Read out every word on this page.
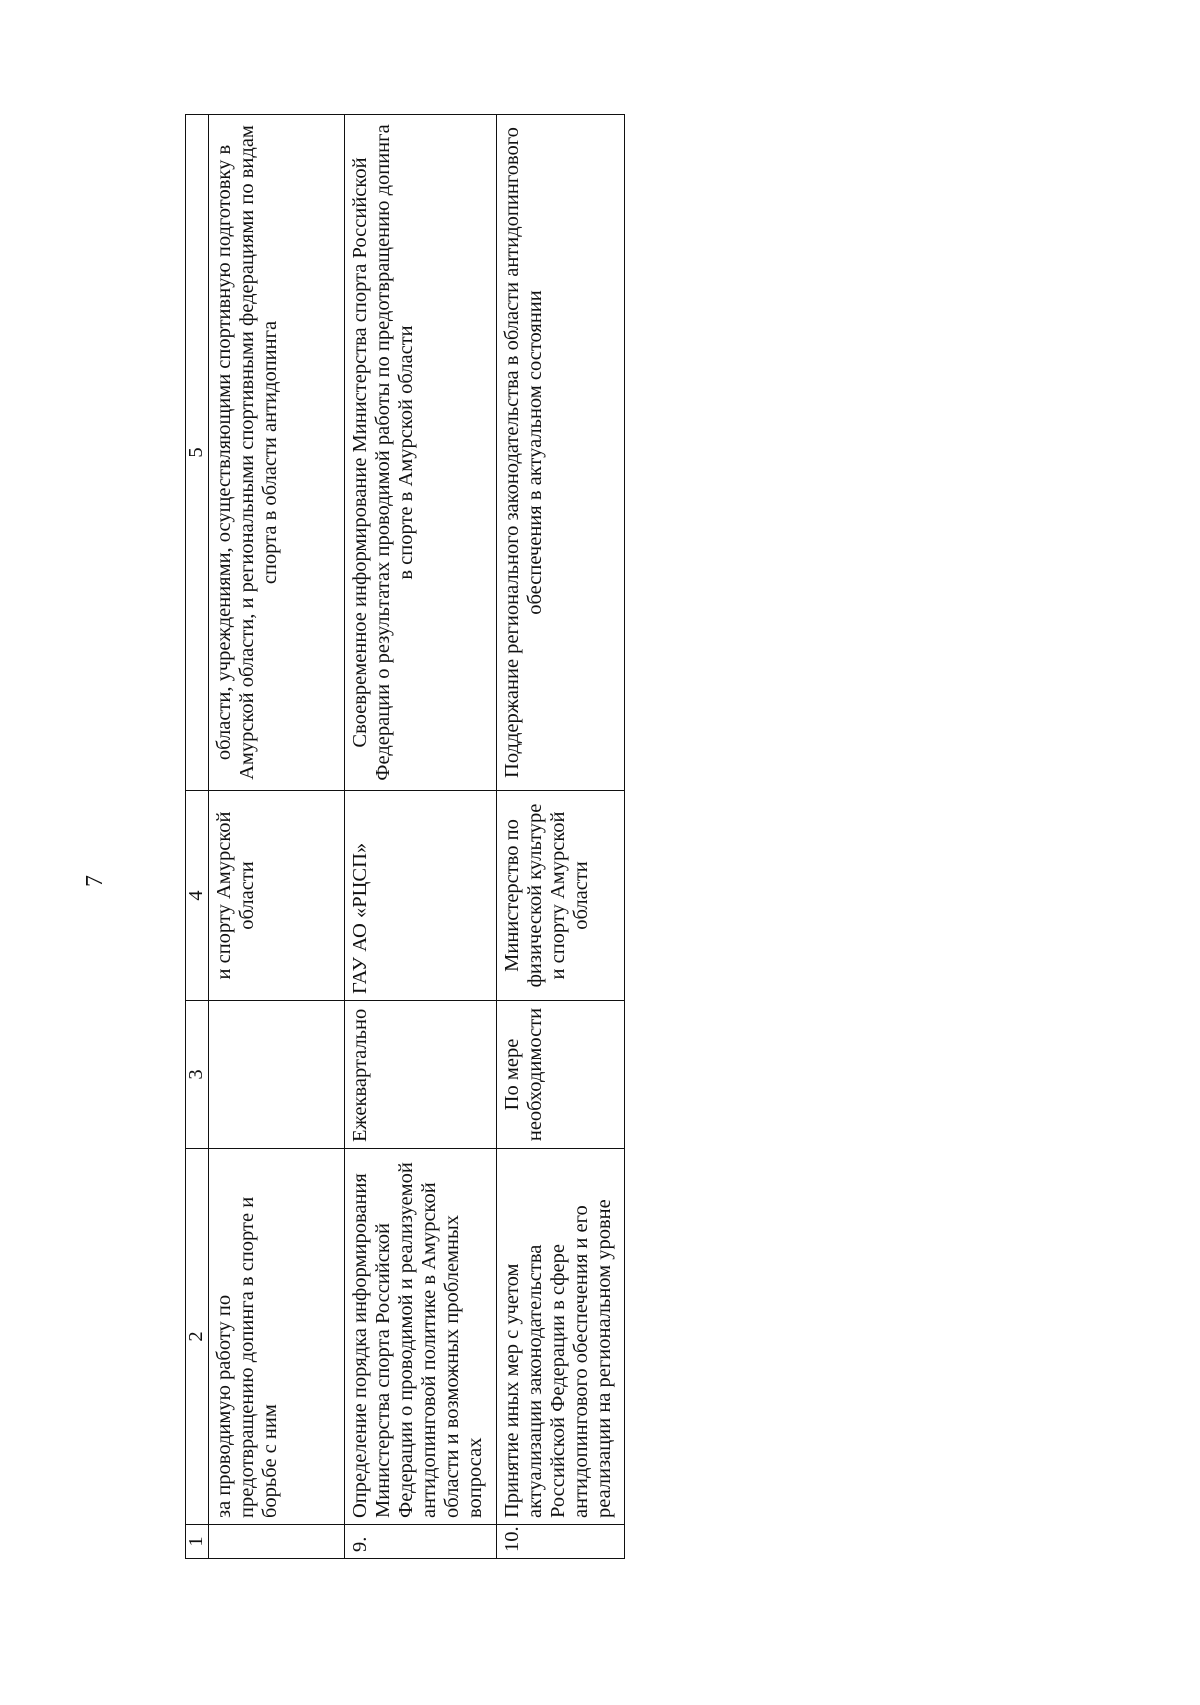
7
1	2	3	4	5
	за проводимую работу по предотвращению допинга в спорте и борьбе с ним		и спорту Амурской области	области, учреждениями, осуществляющими спортивную подготовку в Амурской области, и региональными спортивными федерациями по видам спорта в области антидопинга
9.	Определение порядка информирования Министерства спорта Российской Федерации о проводимой и реализуемой антидопинговой политике в Амурской области и возможных проблемных вопросах	Ежеквартально	ГАУ АО «РЦСП»	Своевременное информирование Министерства спорта Российской Федерации о результатах проводимой работы по предотвращению допинга в спорте в Амурской области
10.	Принятие иных мер с учетом актуализации законодательства Российской Федерации в сфере антидопингового обеспечения и его реализации на региональном уровне	По мере необходимости	Министерство по физической культуре и спорту Амурской области	Поддержание регионального законодательства в области антидопингового обеспечения в актуальном состоянии
